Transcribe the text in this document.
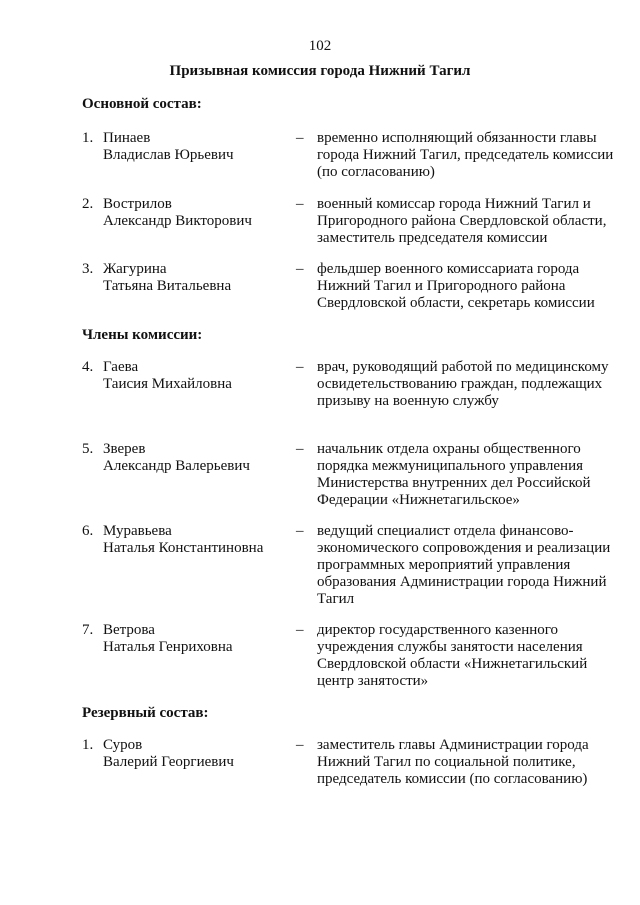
102
Призывная комиссия города Нижний Тагил
Основной состав:
1. Пинаев
Владислав Юрьевич
– временно исполняющий обязанности главы города Нижний Тагил, председатель комиссии (по согласованию)
2. Вострилов
Александр Викторович
– военный комиссар города Нижний Тагил и Пригородного района Свердловской области, заместитель председателя комиссии
3. Жагурина
Татьяна Витальевна
– фельдшер военного комиссариата города Нижний Тагил и Пригородного района Свердловской области, секретарь комиссии
Члены комиссии:
4. Гаева
Таисия Михайловна
– врач, руководящий работой по медицинскому освидетельствованию граждан, подлежащих призыву на военную службу
5. Зверев
Александр Валерьевич
– начальник отдела охраны общественного порядка межмуниципального управления Министерства внутренних дел Российской Федерации «Нижнетагильское»
6. Муравьева
Наталья Константиновна
– ведущий специалист отдела финансово-экономического сопровождения и реализации программных мероприятий управления образования Администрации города Нижний Тагил
7. Ветрова
Наталья Генриховна
– директор государственного казенного учреждения службы занятости населения Свердловской области «Нижнетагильский центр занятости»
Резервный состав:
1. Суров
Валерий Георгиевич
– заместитель главы Администрации города Нижний Тагил по социальной политике, председатель комиссии (по согласованию)
